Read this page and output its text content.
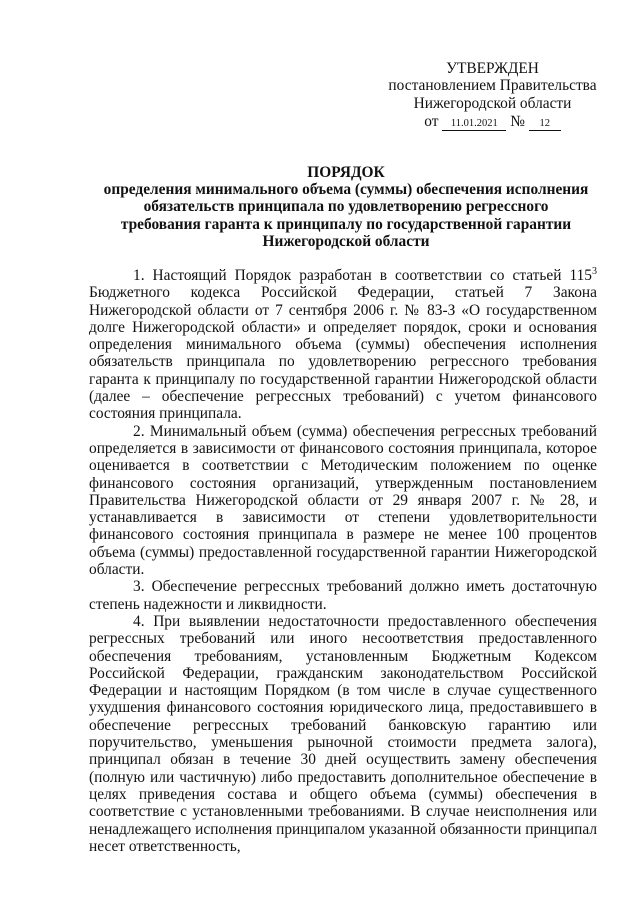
УТВЕРЖДЕН
постановлением Правительства
Нижегородской области
от 11.01.2021 № 12
ПОРЯДОК
определения минимального объема (суммы) обеспечения исполнения
обязательств принципала по удовлетворению регрессного
требования гаранта к принципалу по государственной гарантии
Нижегородской области

1. Настоящий Порядок разработан в соответствии со статьей $115^3$ Бюджетного кодекса Российской Федерации, статьей 7 Закона Нижегородской области от 7 сентября 2006 г. № 83-З «О государственном долге Нижегородской области» и определяет порядок, сроки и основания определения минимального объема (суммы) обеспечения исполнения обязательств принципала по удовлетворению регрессного требования гаранта к принципалу по государственной гарантии Нижегородской области (далее – обеспечение регрессных требований) с учетом финансового состояния принципала.

2. Минимальный объем (сумма) обеспечения регрессных требований определяется в зависимости от финансового состояния принципала, которое оценивается в соответствии с Методическим положением по оценке финансового состояния организаций, утвержденным постановлением Правительства Нижегородской области от 29 января 2007 г. № 28, и устанавливается в зависимости от степени удовлетворительности финансового состояния принципала в размере не менее 100 процентов объема (суммы) предоставленной государственной гарантии Нижегородской области.

3. Обеспечение регрессных требований должно иметь достаточную степень надежности и ликвидности.

4. При выявлении недостаточности предоставленного обеспечения регрессных требований или иного несоответствия предоставленного обеспечения требованиям, установленным Бюджетным Кодексом Российской Федерации, гражданским законодательством Российской Федерации и настоящим Порядком (в том числе в случае существенного ухудшения финансового состояния юридического лица, предоставившего в обеспечение регрессных требований банковскую гарантию или поручительство, уменьшения рыночной стоимости предмета залога), принципал обязан в течение 30 дней осуществить замену обеспечения (полную или частичную) либо предоставить дополнительное обеспечение в целях приведения состава и общего объема (суммы) обеспечения в соответствие с установленными требованиями. В случае неисполнения или ненадлежащего исполнения принципалом указанной обязанности принципал несет ответственность,
